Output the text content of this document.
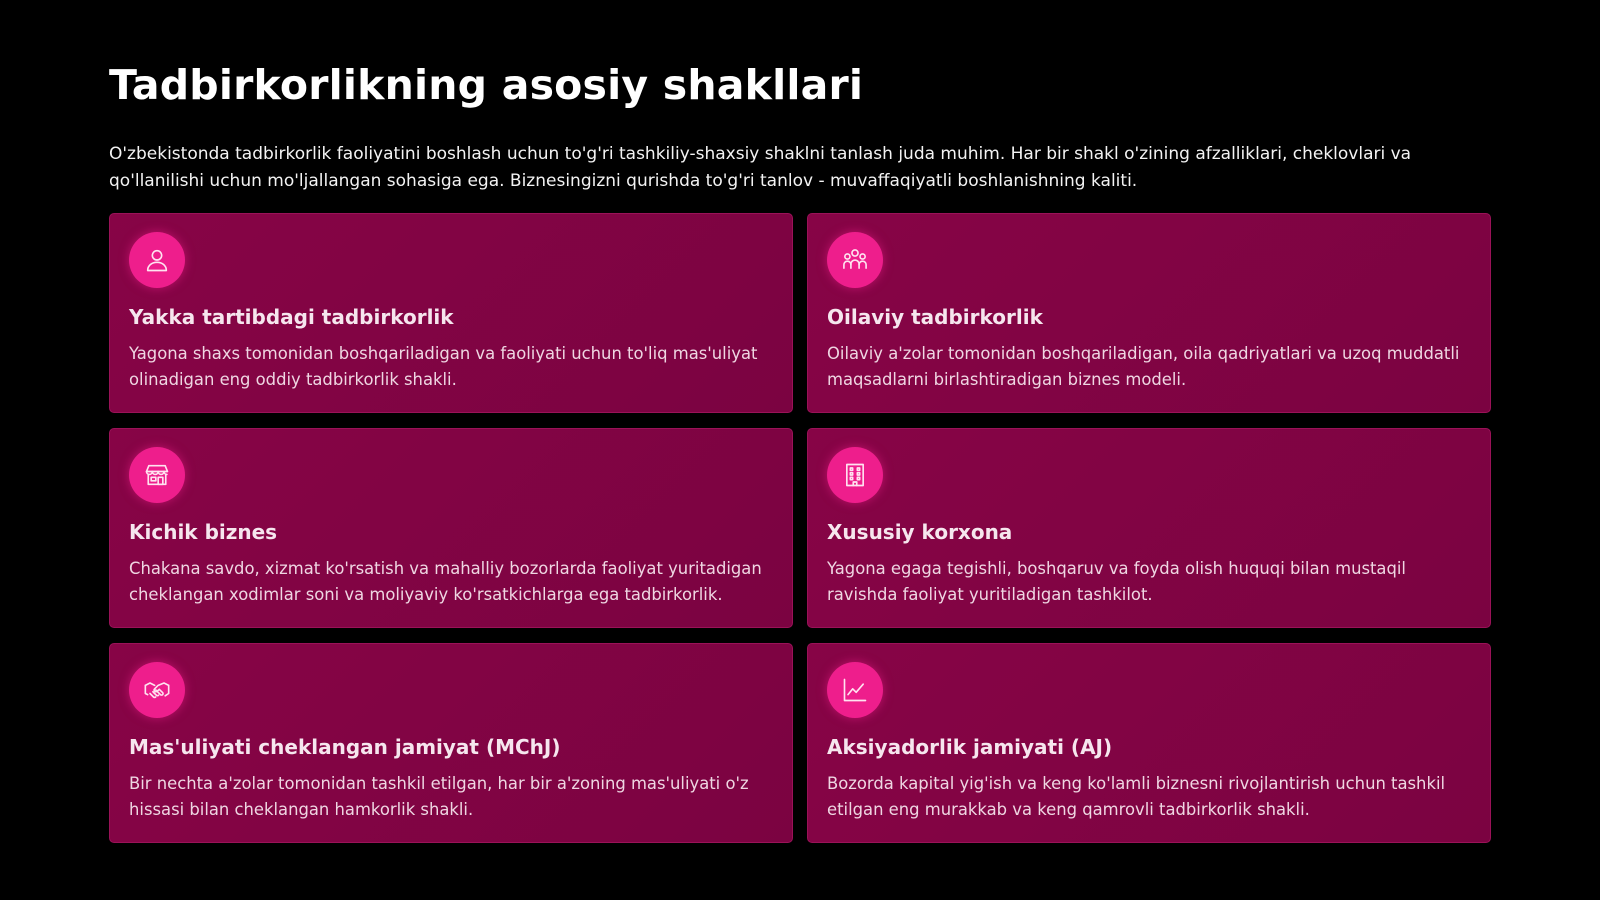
Tadbirkorlikning asosiy shakllari

O'zbekistonda tadbirkorlik faoliyatini boshlash uchun to'g'ri tashkiliy-shaxsiy shaklni tanlash juda muhim. Har bir shakl o'zining afzalliklari, cheklovlari va qo'llanilishi uchun mo'ljallangan sohasiga ega. Biznesingizni qurishda to'g'ri tanlov - muvaffaqiyatli boshlanishning kaliti.

Yakka tartibdagi tadbirkorlik
Yagona shaxs tomonidan boshqariladigan va faoliyati uchun to'liq mas'uliyat olinadigan eng oddiy tadbirkorlik shakli.
Oilaviy tadbirkorlik
Oilaviy a'zolar tomonidan boshqariladigan, oila qadriyatlari va uzoq muddatli maqsadlarni birlashtiradigan biznes modeli.
Kichik biznes
Chakana savdo, xizmat ko'rsatish va mahalliy bozorlarda faoliyat yuritadigan cheklangan xodimlar soni va moliyaviy ko'rsatkichlarga ega tadbirkorlik.
Xususiy korxona
Yagona egaga tegishli, boshqaruv va foyda olish huquqi bilan mustaqil ravishda faoliyat yuritiladigan tashkilot.
Mas'uliyati cheklangan jamiyat (MChJ)
Bir nechta a'zolar tomonidan tashkil etilgan, har bir a'zoning mas'uliyati o'z hissasi bilan cheklangan hamkorlik shakli.
Aksiyadorlik jamiyati (AJ)
Bozorda kapital yig'ish va keng ko'lamli biznesni rivojlantirish uchun tashkil etilgan eng murakkab va keng qamrovli tadbirkorlik shakli.
